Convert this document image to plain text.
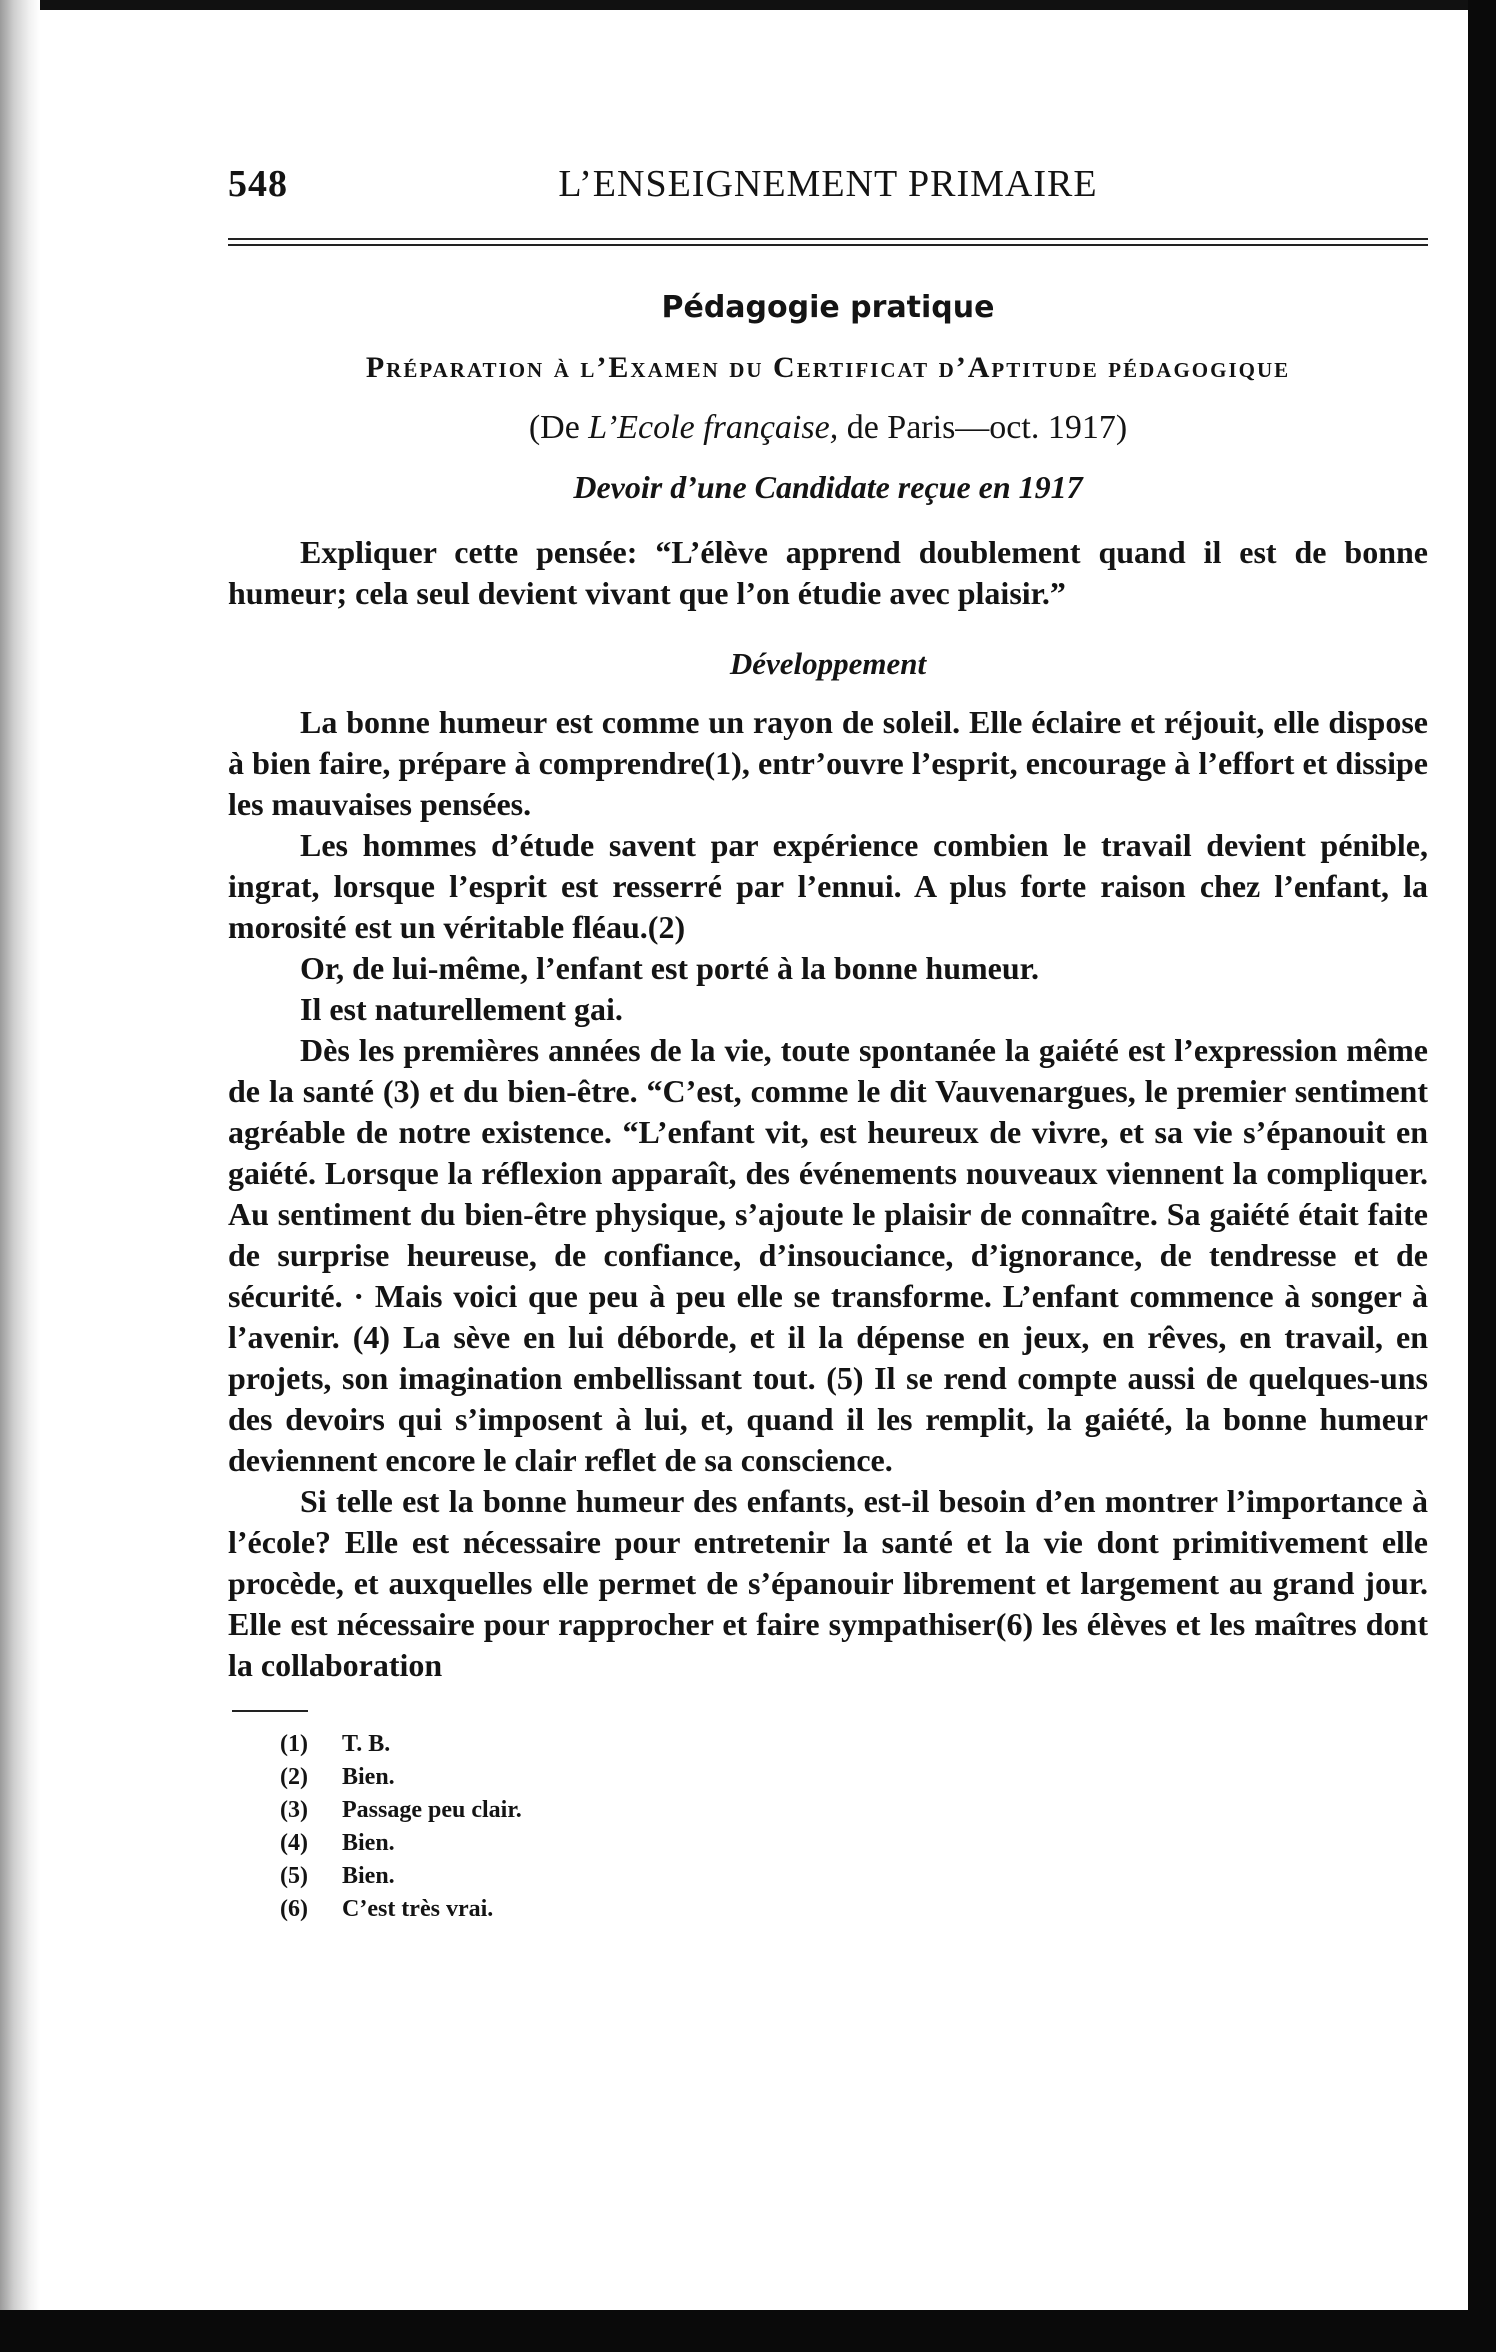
548	L’ENSEIGNEMENT PRIMAIRE
Pédagogie pratique
Préparation à l’Examen du Certificat d’Aptitude pédagogique
(De L’Ecole française, de Paris—oct. 1917)
Devoir d’une Candidate reçue en 1917

Expliquer cette pensée: “L’élève apprend doublement quand il est de bonne humeur; cela seul devient vivant que l’on étudie avec plaisir.”

Développement

La bonne humeur est comme un rayon de soleil. Elle éclaire et réjouit, elle dispose à bien faire, prépare à comprendre(1), entr’ouvre l’esprit, encourage à l’effort et dissipe les mauvaises pensées.

Les hommes d’étude savent par expérience combien le travail devient pénible, ingrat, lorsque l’esprit est resserré par l’ennui. A plus forte raison chez l’enfant, la morosité est un véritable fléau.(2)

Or, de lui-même, l’enfant est porté à la bonne humeur.

Il est naturellement gai.

Dès les premières années de la vie, toute spontanée la gaiété est l’expression même de la santé (3) et du bien-être. “C’est, comme le dit Vauvenargues, le premier sentiment agréable de notre existence. “L’enfant vit, est heureux de vivre, et sa vie s’épanouit en gaiété. Lorsque la réflexion apparaît, des événements nouveaux viennent la compliquer. Au sentiment du bien-être physique, s’ajoute le plaisir de connaître. Sa gaiété était faite de surprise heureuse, de confiance, d’insouciance, d’ignorance, de tendresse et de sécurité. · Mais voici que peu à peu elle se transforme. L’enfant commence à songer à l’avenir. (4) La sève en lui déborde, et il la dépense en jeux, en rêves, en travail, en projets, son imagination embellissant tout. (5) Il se rend compte aussi de quelques-uns des devoirs qui s’imposent à lui, et, quand il les remplit, la gaiété, la bonne humeur deviennent encore le clair reflet de sa conscience.

Si telle est la bonne humeur des enfants, est-il besoin d’en montrer l’importance à l’école? Elle est nécessaire pour entretenir la santé et la vie dont primitivement elle procède, et auxquelles elle permet de s’épanouir librement et largement au grand jour. Elle est nécessaire pour rapprocher et faire sympathiser(6) les élèves et les maîtres dont la collaboration

(1)	T. B.
(2)	Bien.
(3)	Passage peu clair.
(4)	Bien.
(5)	Bien.
(6)	C’est très vrai.
